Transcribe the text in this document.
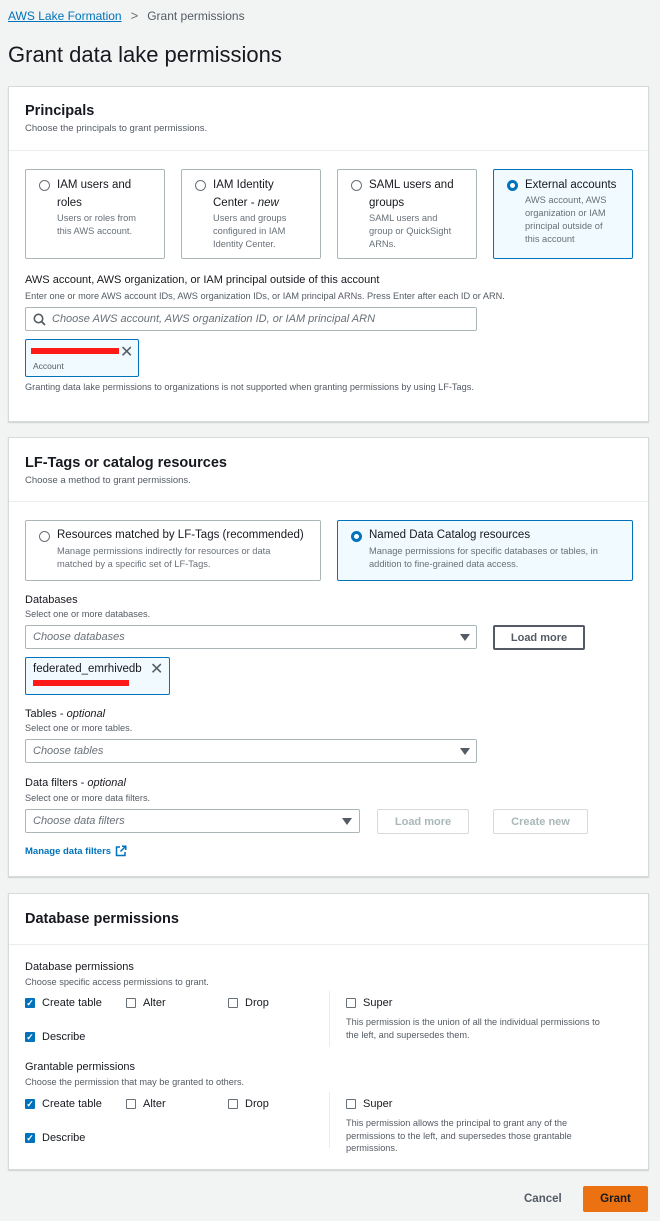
AWS Lake Formation > Grant permissions
Grant data lake permissions
Principals
Choose the principals to grant permissions.
IAM users and
roles
Users or roles from
this AWS account.
IAM Identity
Center - new
Users and groups
configured in IAM
Identity Center.
SAML users and
groups
SAML users and
group or QuickSight
ARNs.
External accounts
AWS account, AWS
organization or IAM
principal outside of
this account
AWS account, AWS organization, or IAM principal outside of this account
Enter one or more AWS account IDs, AWS organization IDs, or IAM principal ARNs. Press Enter after each ID or ARN.
Choose AWS account, AWS organization ID, or IAM principal ARN
Account
✕
Granting data lake permissions to organizations is not supported when granting permissions by using LF-Tags.
LF-Tags or catalog resources
Choose a method to grant permissions.
Resources matched by LF-Tags (recommended)
Manage permissions indirectly for resources or data
matched by a specific set of LF-Tags.
Named Data Catalog resources
Manage permissions for specific databases or tables, in
addition to fine-grained data access.
Databases
Select one or more databases.
Choose databases	Load more
federated_emrhivedb ✕
Tables - optional
Select one or more tables.
Choose tables
Data filters - optional
Select one or more data filters.
Choose data filters	Load more	Create new
Manage data filters
Database permissions
Database permissions
Choose specific access permissions to grant.
✓ Create table	Alter	Drop
✓ Describe
Super
This permission is the union of all the individual permissions to
the left, and supersedes them.
Grantable permissions
Choose the permission that may be granted to others.
✓ Create table	Alter	Drop
✓ Describe
Super
This permission allows the principal to grant any of the
permissions to the left, and supersedes those grantable
permissions.
Cancel	Grant
